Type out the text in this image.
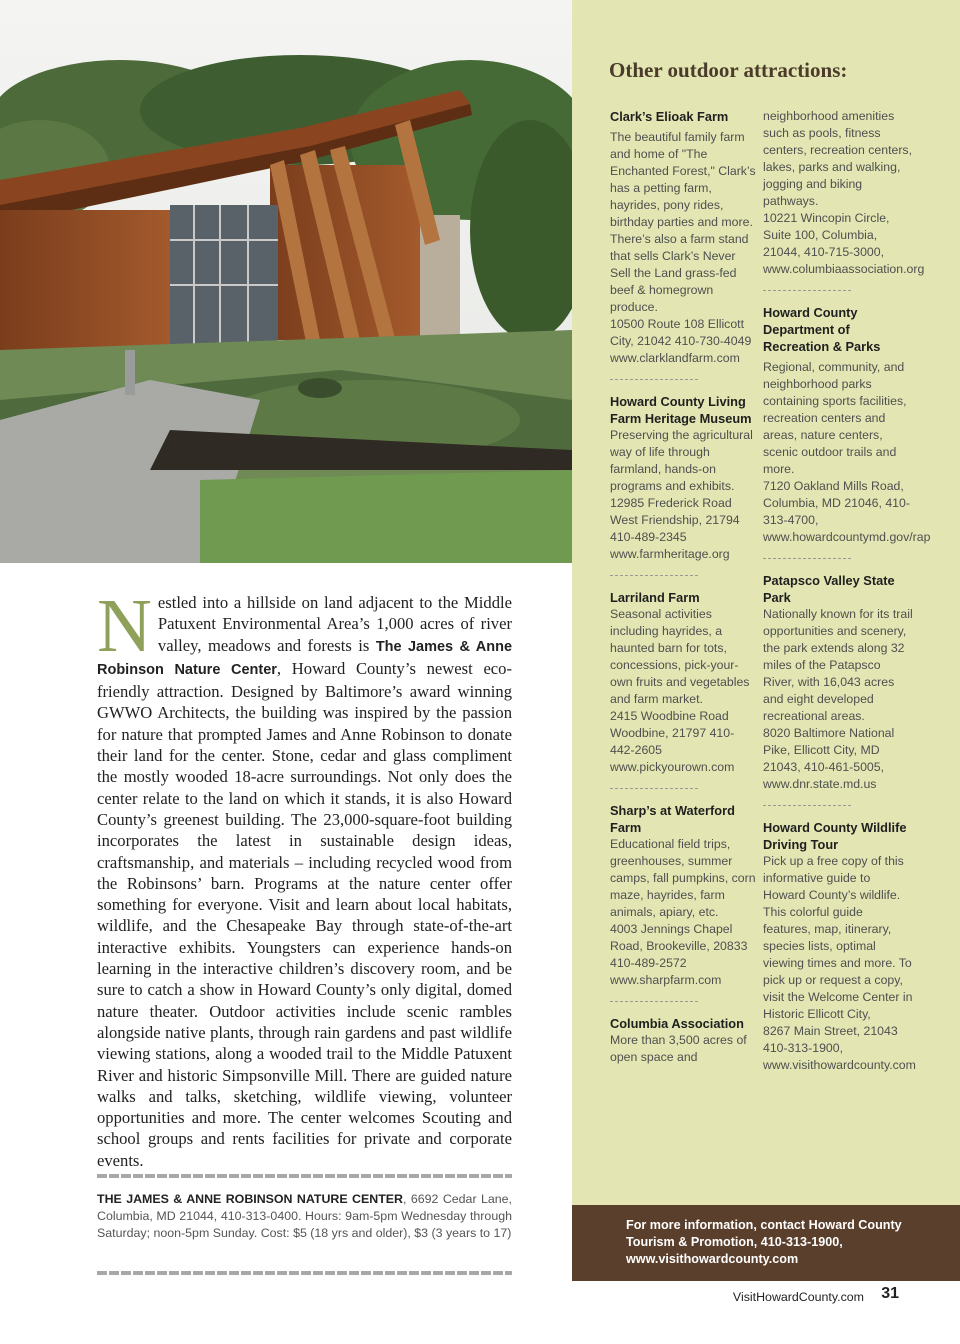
N estled into a hillside on land adjacent to the Middle Patuxent Environmental Area’s 1,000 acres of river valley, meadows and forests is The James & Anne Robinson Nature Center, Howard County’s newest eco-friendly attraction. Designed by Baltimore’s award winning GWWO Architects, the building was inspired by the passion for nature that prompted James and Anne Robinson to donate their land for the center. Stone, cedar and glass compliment the mostly wooded 18-acre surroundings. Not only does the center relate to the land on which it stands, it is also Howard County’s greenest building. The 23,000-square-foot building incorporates the latest in sustainable design ideas, craftsmanship, and materials – including recycled wood from the Robinsons’ barn. Programs at the nature center offer something for everyone. Visit and learn about local habitats, wildlife, and the Chesapeake Bay through state-of-the-art interactive exhibits. Youngsters can experience hands-on learning in the interactive children’s discovery room, and be sure to catch a show in Howard County’s only digital, domed nature theater. Outdoor activities include scenic rambles alongside native plants, through rain gardens and past wildlife viewing stations, along a wooded trail to the Middle Patuxent River and historic Simpsonville Mill. There are guided nature walks and talks, sketching, wildlife viewing, volunteer opportunities and more. The center welcomes Scouting and school groups and rents facilities for private and corporate events.
THE JAMES & ANNE ROBINSON NATURE CENTER, 6692 Cedar Lane, Columbia, MD 21044, 410-313-0400. Hours: 9am-5pm Wednesday through Saturday; noon-5pm Sunday. Cost: $5 (18 yrs and older), $3 (3 years to 17)
Other outdoor attractions:
Clark’s Elioak Farm

The beautiful family farm and home of "The Enchanted Forest," Clark’s has a petting farm, hayrides, pony rides, birthday parties and more. There’s also a farm stand that sells Clark’s Never Sell the Land grass-fed beef & homegrown produce.

10500 Route 108 Ellicott City, 21042 410-730-4049 www.clarklandfarm.com

Howard County Living Farm Heritage Museum

Preserving the agricultural way of life through farmland, hands-on programs and exhibits.

12985 Frederick Road West Friendship, 21794 410-489-2345 www.farmheritage.org

Larriland Farm

Seasonal activities including hayrides, a haunted barn for tots, concessions, pick-your-own fruits and vegetables and farm market.

2415 Woodbine Road Woodbine, 21797 410-442-2605 www.pickyourown.com

Sharp’s at Waterford Farm

Educational field trips, greenhouses, summer camps, fall pumpkins, corn maze, hayrides, farm animals, apiary, etc.

4003 Jennings Chapel Road, Brookeville, 20833 410-489-2572 www.sharpfarm.com

Columbia Association

More than 3,500 acres of open space and

neighborhood amenities such as pools, fitness centers, recreation centers, lakes, parks and walking, jogging and biking pathways.

10221 Wincopin Circle, Suite 100, Columbia, 21044, 410-715-3000, www.columbiaassociation.org

Howard County Department of Recreation & Parks

Regional, community, and neighborhood parks containing sports facilities, recreation centers and areas, nature centers, scenic outdoor trails and more.

7120 Oakland Mills Road, Columbia, MD 21046, 410-313-4700, www.howardcountymd.gov/rap

Patapsco Valley State Park

Nationally known for its trail opportunities and scenery, the park extends along 32 miles of the Patapsco River, with 16,043 acres and eight developed recreational areas.

8020 Baltimore National Pike, Ellicott City, MD 21043, 410-461-5005, www.dnr.state.md.us

Howard County Wildlife Driving Tour

Pick up a free copy of this informative guide to Howard County’s wildlife. This colorful guide features, map, itinerary, species lists, optimal viewing times and more. To pick up or request a copy, visit the Welcome Center in Historic Ellicott City,

8267 Main Street, 21043 410-313-1900, www.visithowardcounty.com

For more information, contact Howard County Tourism & Promotion, 410-313-1900, www.visithowardcounty.com
VisitHowardCounty.com 31
